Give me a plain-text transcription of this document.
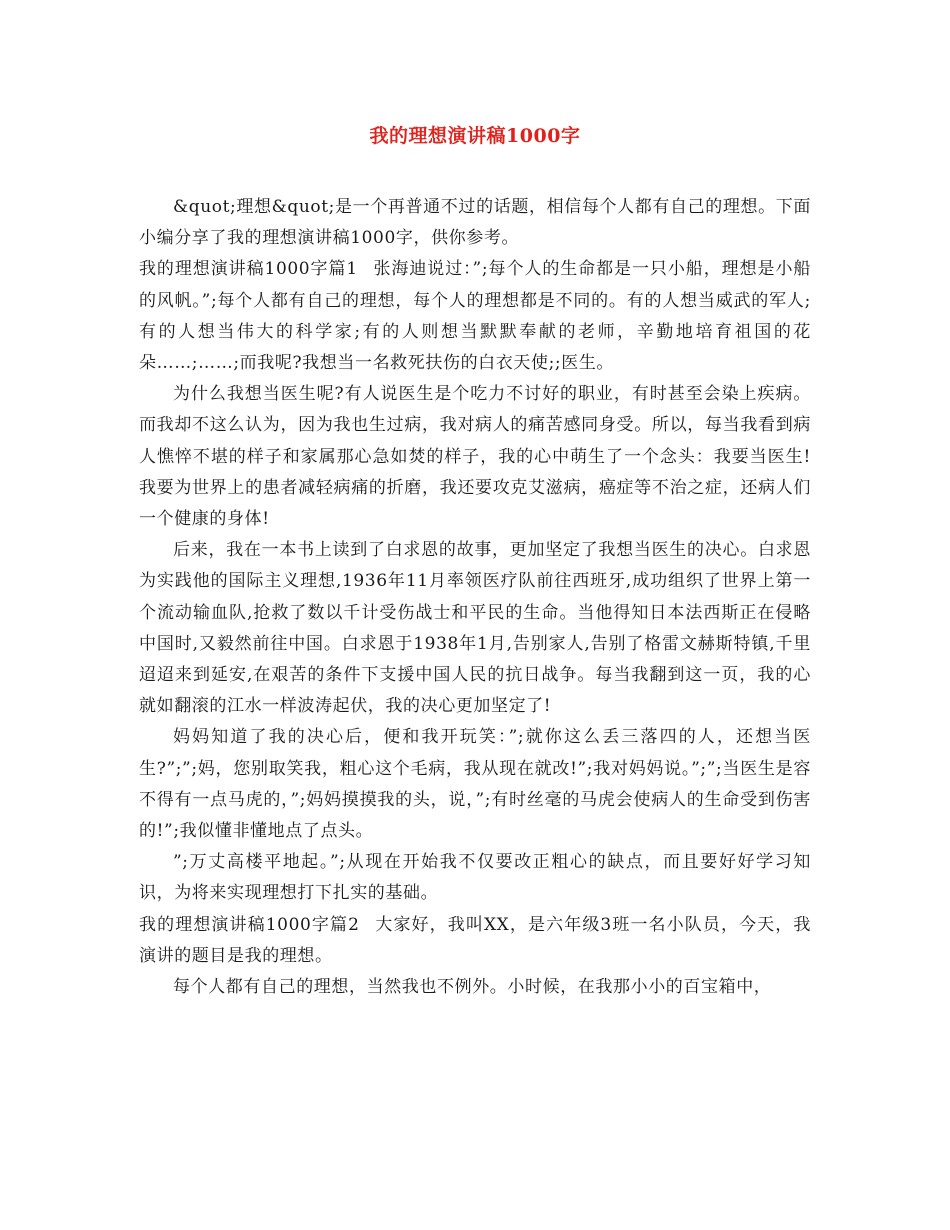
我的理想演讲稿1000字

&quot;理想&quot;是一个再普通不过的话题，相信每个人都有自己的理想。下面小编分享了我的理想演讲稿1000字，供你参考。

我的理想演讲稿1000字篇1 张海迪说过：”;每个人的生命都是一只小船，理想是小船的风帆。”;每个人都有自己的理想，每个人的理想都是不同的。有的人想当威武的军人;有的人想当伟大的科学家;有的人则想当默默奉献的老师，辛勤地培育祖国的花朵……;……;而我呢?我想当一名救死扶伤的白衣天使;;医生。

为什么我想当医生呢?有人说医生是个吃力不讨好的职业，有时甚至会染上疾病。而我却不这么认为，因为我也生过病，我对病人的痛苦感同身受。所以，每当我看到病人憔悴不堪的样子和家属那心急如焚的样子，我的心中萌生了一个念头：我要当医生!我要为世界上的患者减轻病痛的折磨，我还要攻克艾滋病，癌症等不治之症，还病人们一个健康的身体!

后来，我在一本书上读到了白求恩的故事，更加坚定了我想当医生的决心。白求恩为实践他的国际主义理想,1936年11月率领医疗队前往西班牙,成功组织了世界上第一个流动输血队,抢救了数以千计受伤战士和平民的生命。当他得知日本法西斯正在侵略中国时,又毅然前往中国。白求恩于1938年1月,告别家人,告别了格雷文赫斯特镇,千里迢迢来到延安,在艰苦的条件下支援中国人民的抗日战争。每当我翻到这一页，我的心就如翻滚的江水一样波涛起伏，我的决心更加坚定了!

妈妈知道了我的决心后，便和我开玩笑：”;就你这么丢三落四的人，还想当医生?”;”;妈，您别取笑我，粗心这个毛病，我从现在就改!”;我对妈妈说。”;”;当医生是容不得有一点马虎的，”;妈妈摸摸我的头，说，”;有时丝毫的马虎会使病人的生命受到伤害的!”;我似懂非懂地点了点头。

”;万丈高楼平地起。”;从现在开始我不仅要改正粗心的缺点，而且要好好学习知识，为将来实现理想打下扎实的基础。

我的理想演讲稿1000字篇2 大家好，我叫XX，是六年级3班一名小队员，今天，我演讲的题目是我的理想。

每个人都有自己的理想，当然我也不例外。小时候，在我那小小的百宝箱中，
